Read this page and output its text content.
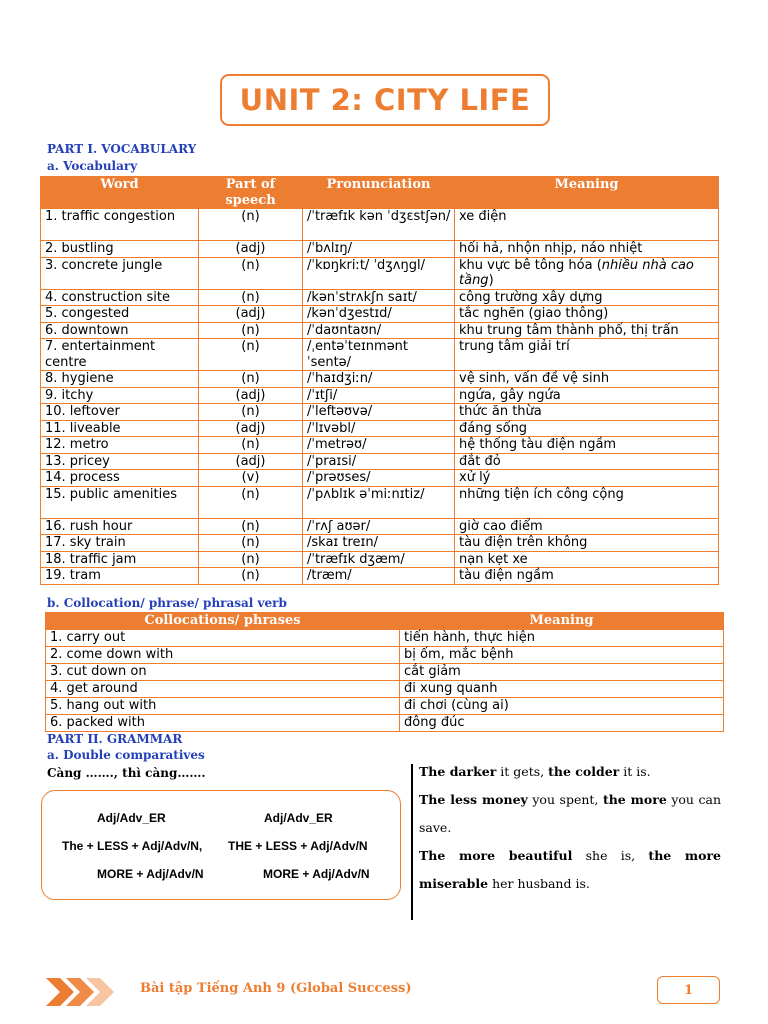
UNIT 2: CITY LIFE
PART I. VOCABULARY
a. Vocabulary
Word	Part of speech	Pronunciation	Meaning
1. traffic congestion	(n)	/ˈtræfɪk kən ˈdʒɛstʃən/	xe điện
2. bustling	(adj)	/ˈbʌlɪŋ/	hối hả, nhộn nhịp, náo nhiệt
3. concrete jungle	(n)	/ˈkɒŋkriːt/ ˈdʒʌŋgl/	khu vực bê tông hóa (nhiều nhà cao tầng)
4. construction site	(n)	/kənˈstrʌkʃn saɪt/	công trường xây dựng
5. congested	(adj)	/kənˈdʒestɪd/	tắc nghẽn (giao thông)
6. downtown	(n)	/ˈdaʊntaʊn/	khu trung tâm thành phố, thị trấn
7. entertainment centre	(n)	/ˌentəˈteɪnmənt ˈsentə/	trung tâm giải trí
8. hygiene	(n)	/ˈhaɪdʒiːn/	vệ sinh, vấn đề vệ sinh
9. itchy	(adj)	/ˈɪtʃi/	ngứa, gây ngứa
10. leftover	(n)	/ˈleftəʊvə/	thức ăn thừa
11. liveable	(adj)	/ˈlɪvəbl/	đáng sống
12. metro	(n)	/ˈmetrəʊ/	hệ thống tàu điện ngầm
13. pricey	(adj)	/ˈpraɪsi/	đắt đỏ
14. process	(v)	/ˈprəʊses/	xử lý
15. public amenities	(n)	/ˈpʌblɪk əˈmiːnɪtiz/	những tiện ích công cộng
16. rush hour	(n)	/ˈrʌʃ aʊər/	giờ cao điểm
17. sky train	(n)	/skaɪ treɪn/	tàu điện trên không
18. traffic jam	(n)	/ˈtræfɪk dʒæm/	nạn kẹt xe
19. tram	(n)	/træm/	tàu điện ngầm
b. Collocation/ phrase/ phrasal verb
Collocations/ phrases	Meaning
1. carry out	tiến hành, thực hiện
2. come down with	bị ốm, mắc bệnh
3. cut down on	cắt giảm
4. get around	đi xung quanh
5. hang out with	đi chơi (cùng ai)
6. packed with	đông đúc
PART II. GRAMMAR
a. Double comparatives
Càng ……., thì càng…….
Adj/Adv_ER
The + LESS + Adj/Adv/N,
MORE + Adj/Adv/N
Adj/Adv_ER
THE + LESS + Adj/Adv/N
MORE + Adj/Adv/N

The darker it gets, the colder it is.

The less money you spent, the more you can save.

The more beautiful she is, the more miserable her husband is.

Bài tập Tiếng Anh 9 (Global Success)	1
